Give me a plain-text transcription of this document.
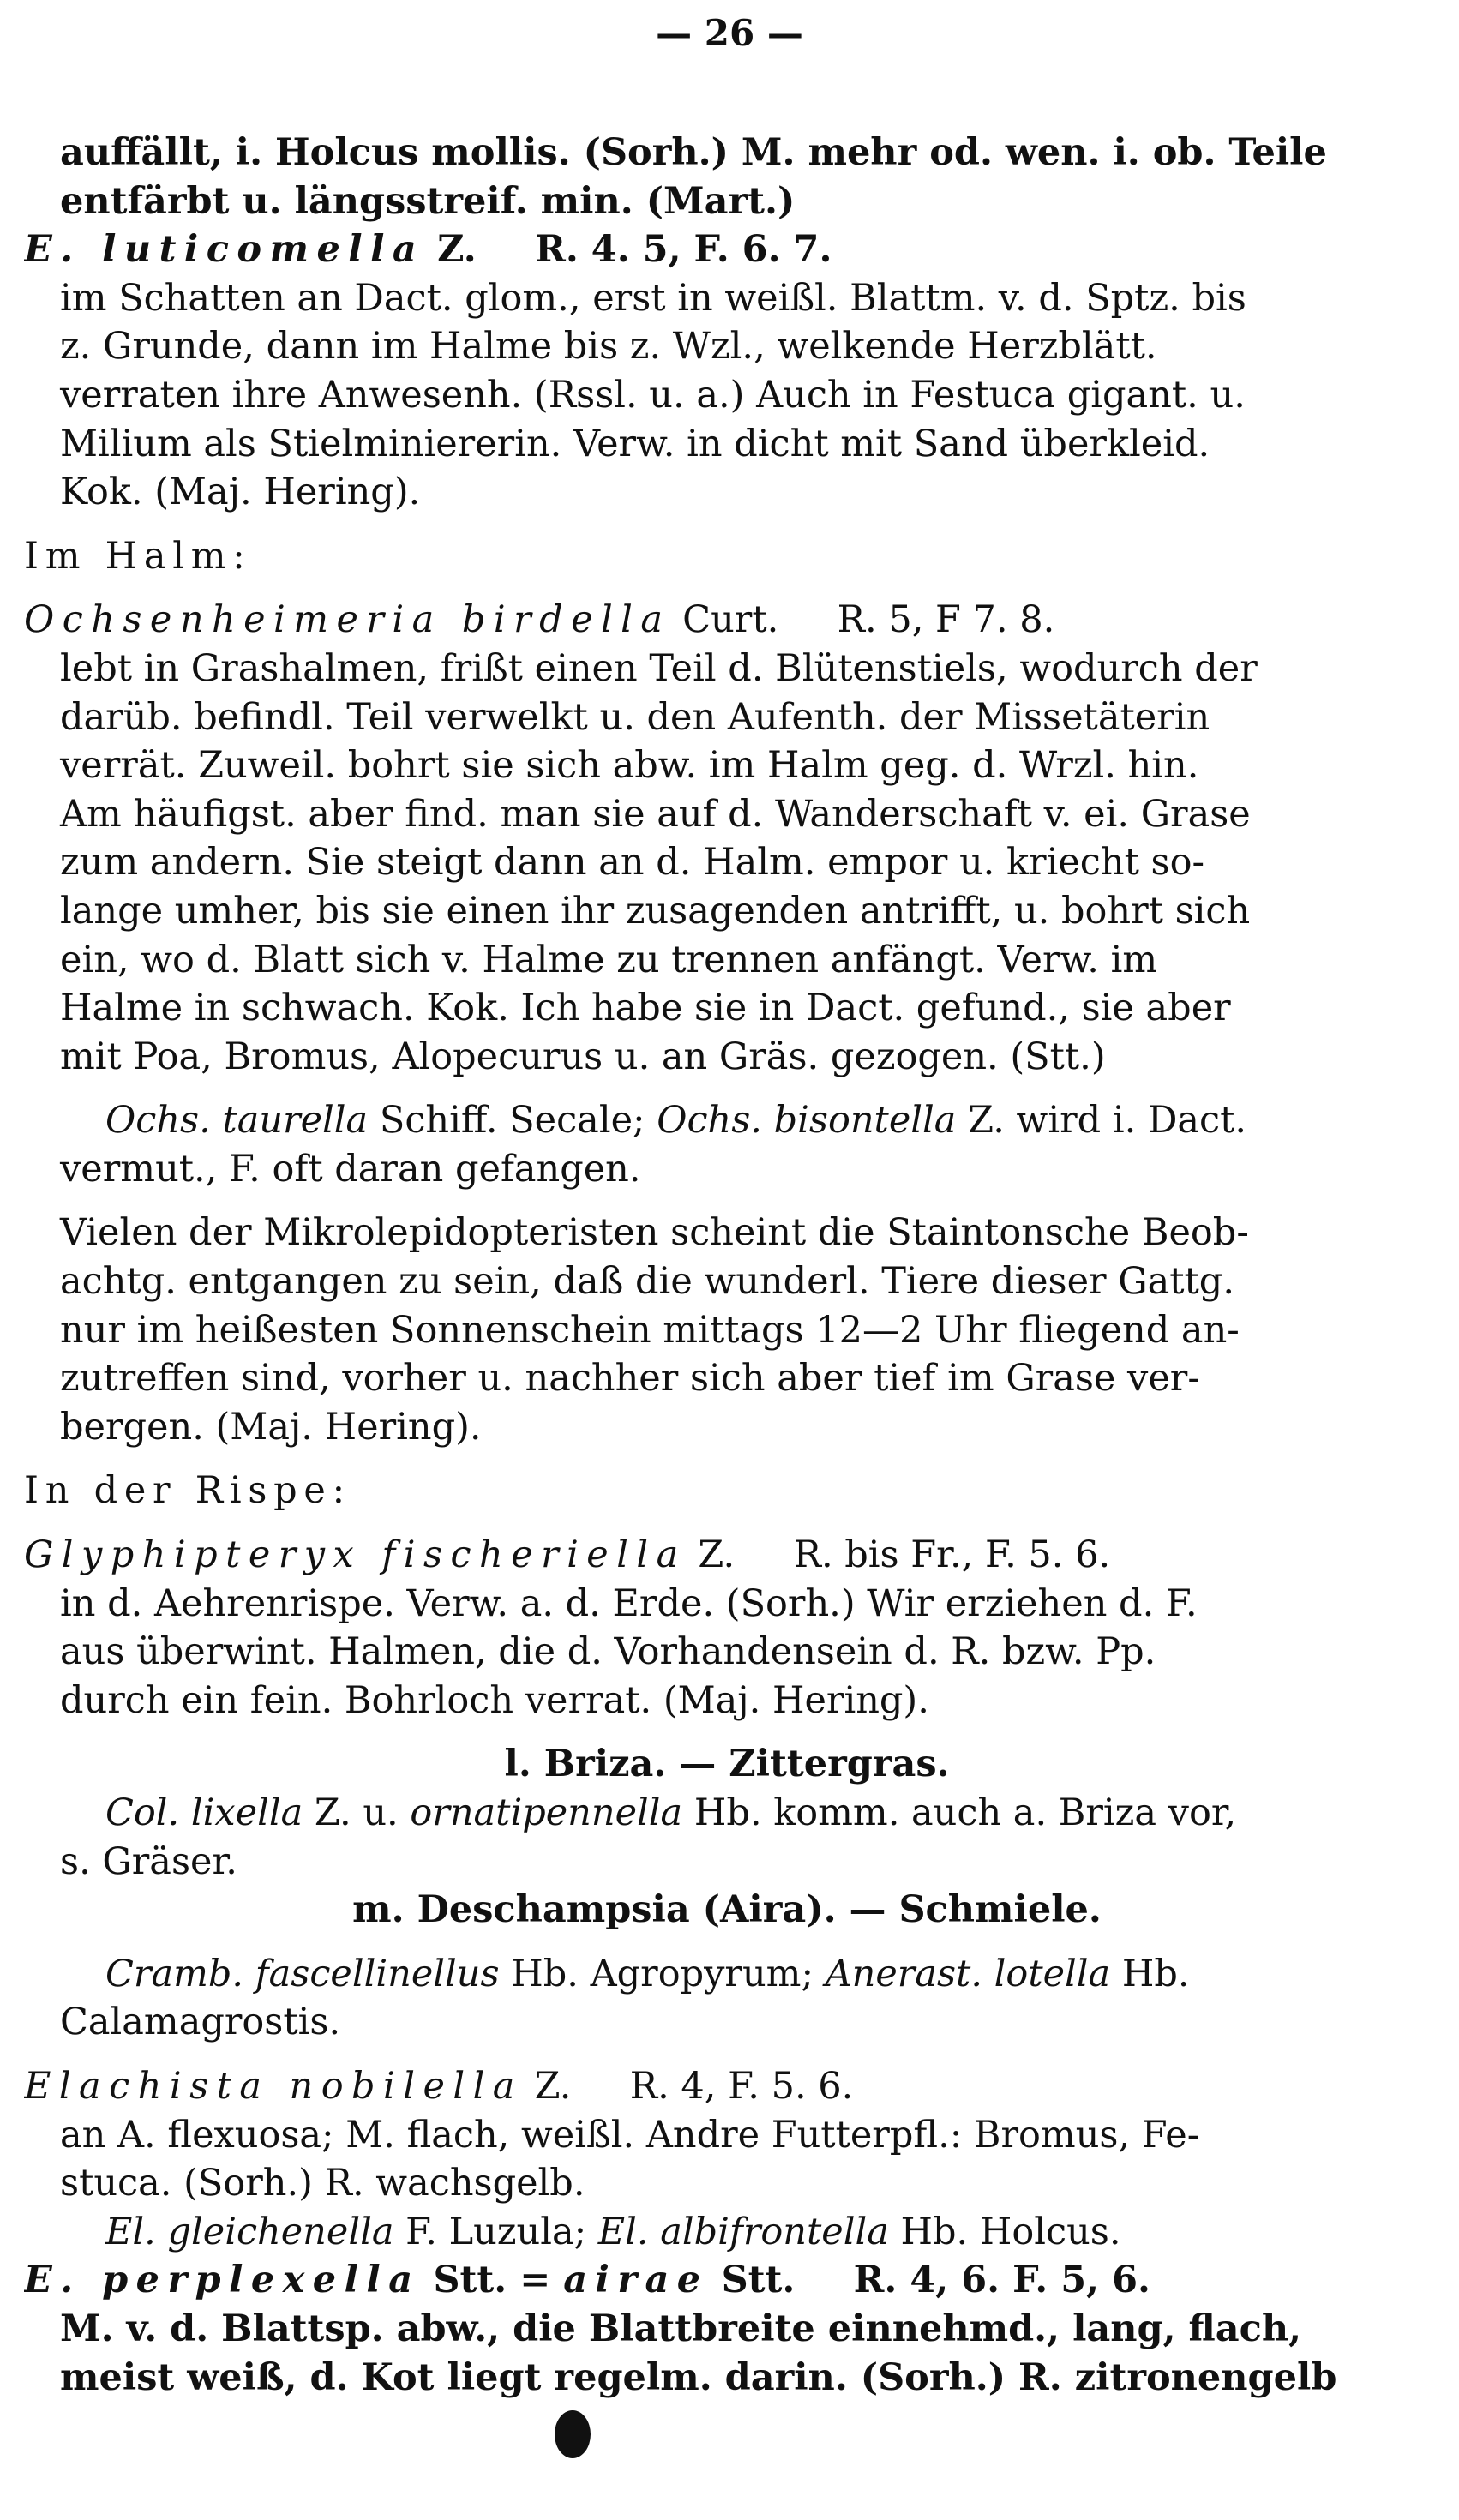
— 26 —
auffällt, i. Holcus mollis. (Sorh.) M. mehr od. wen. i. ob. Teile
entfärbt u. längsstreif. min. (Mart.)
E. luticomella Z. R. 4. 5, F. 6. 7.
im Schatten an Dact. glom., erst in weißl. Blattm. v. d. Sptz. bis
z. Grunde, dann im Halme bis z. Wzl., welkende Herzblätt.
verraten ihre Anwesenh. (Rssl. u. a.) Auch in Festuca gigant. u.
Milium als Stielminiererin. Verw. in dicht mit Sand überkleid.
Kok. (Maj. Hering).
Im Halm:
Ochsenheimeria birdella Curt. R. 5, F 7. 8.
lebt in Grashalmen, frißt einen Teil d. Blütenstiels, wodurch der
darüb. befindl. Teil verwelkt u. den Aufenth. der Missetäterin
verrät. Zuweil. bohrt sie sich abw. im Halm geg. d. Wrzl. hin.
Am häufigst. aber find. man sie auf d. Wanderschaft v. ei. Grase
zum andern. Sie steigt dann an d. Halm. empor u. kriecht so-
lange umher, bis sie einen ihr zusagenden antrifft, u. bohrt sich
ein, wo d. Blatt sich v. Halme zu trennen anfängt. Verw. im
Halme in schwach. Kok. Ich habe sie in Dact. gefund., sie aber
mit Poa, Bromus, Alopecurus u. an Gräs. gezogen. (Stt.)
Ochs. taurella Schiff. Secale; Ochs. bisontella Z. wird i. Dact.
vermut., F. oft daran gefangen.
Vielen der Mikrolepidopteristen scheint die Staintonsche Beob-
achtg. entgangen zu sein, daß die wunderl. Tiere dieser Gattg.
nur im heißesten Sonnenschein mittags 12—2 Uhr fliegend an-
zutreffen sind, vorher u. nachher sich aber tief im Grase ver-
bergen. (Maj. Hering).
In der Rispe:
Glyphipteryx fischeriella Z. R. bis Fr., F. 5. 6.
in d. Aehrenrispe. Verw. a. d. Erde. (Sorh.) Wir erziehen d. F.
aus überwint. Halmen, die d. Vorhandensein d. R. bzw. Pp.
durch ein fein. Bohrloch verrat. (Maj. Hering).
l. Briza. — Zittergras.
Col. lixella Z. u. ornatipennella Hb. komm. auch a. Briza vor,
s. Gräser.
m. Deschampsia (Aira). — Schmiele.
Cramb. fascellinellus Hb. Agropyrum; Anerast. lotella Hb.
Calamagrostis.
Elachista nobilella Z. R. 4, F. 5. 6.
an A. flexuosa; M. flach, weißl. Andre Futterpfl.: Bromus, Fe-
stuca. (Sorh.) R. wachsgelb.
El. gleichenella F. Luzula; El. albifrontella Hb. Holcus.
E. perplexella Stt. = airae Stt. R. 4, 6. F. 5, 6.
M. v. d. Blattsp. abw., die Blattbreite einnehmd., lang, flach,
meist weiß, d. Kot liegt regelm. darin. (Sorh.) R. zitronengelb
